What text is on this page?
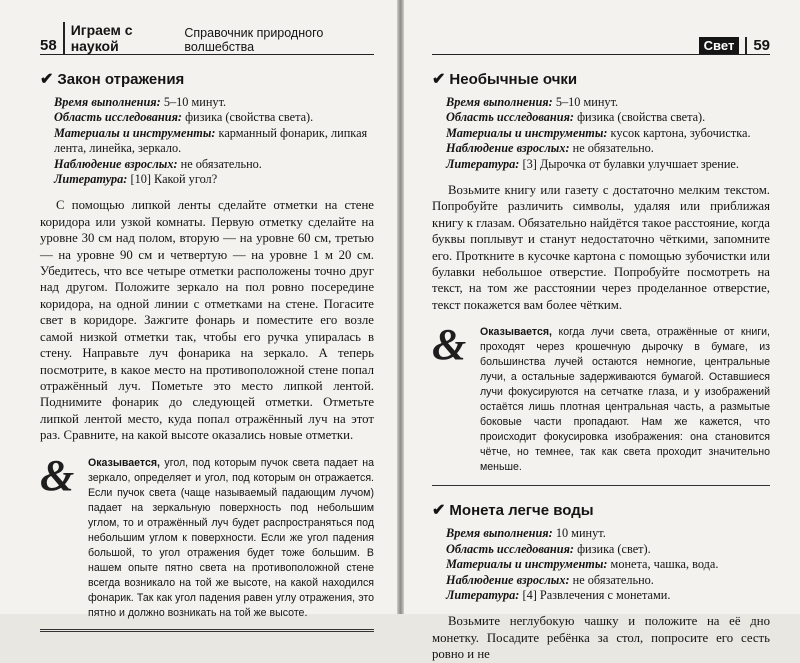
58
Играем с наукой
Справочник природного волшебства
✔ Закон отражения
Время выполнения: 5–10 минут.
Область исследования: физика (свойства света).
Материалы и инструменты: карманный фонарик, липкая лента, линейка, зеркало.
Наблюдение взрослых: не обязательно.
Литература: [10] Какой угол?

С помощью липкой ленты сделайте отметки на стене коридора или узкой комнаты. Первую отметку сделайте на уровне 30 см над полом, вторую — на уровне 60 см, третью — на уровне 90 см и четвертую — на уровне 1 м 20 см. Убедитесь, что все четыре отметки расположены точно друг над другом. Положите зеркало на пол ровно посередине коридора, на одной линии с отметками на стене. Погасите свет в коридоре. Зажгите фонарь и поместите его возле самой низкой отметки так, чтобы его ручка упиралась в стену. Направьте луч фонарика на зеркало. А теперь посмотрите, в какое место на противоположной стене попал отражённый луч. Пометьте это место липкой лентой. Поднимите фонарик до следующей отметки. Отметьте липкой лентой место, куда попал отражённый луч на этот раз. Сравните, на какой высоте оказались новые отметки.

&	Оказывается, угол, под которым пучок света падает на зеркало, определяет и угол, под которым он отражается. Если пучок света (чаще называемый падающим лучом) падает на зеркальную поверхность под небольшим углом, то и отражённый луч будет распространяться под небольшим углом к поверхности. Если же угол падения большой, то угол отражения будет тоже большим. В нашем опыте пятно света на противоположной стене всегда возникало на той же высоте, на какой находился фонарик. Так как угол падения равен углу отражения, это пятно и должно возникать на той же высоте.
Свет	59
✔ Необычные очки
Время выполнения: 5–10 минут.
Область исследования: физика (свойства света).
Материалы и инструменты: кусок картона, зубочистка.
Наблюдение взрослых: не обязательно.
Литература: [3] Дырочка от булавки улучшает зрение.

Возьмите книгу или газету с достаточно мелким текстом. Попробуйте различить символы, удаляя или приближая книгу к глазам. Обязательно найдётся такое расстояние, когда буквы поплывут и станут недостаточно чёткими, запомните его. Проткните в кусочке картона с помощью зубочистки или булавки небольшое отверстие. Попробуйте посмотреть на текст, на том же расстоянии через проделанное отверстие, текст покажется вам более чётким.

&	Оказывается, когда лучи света, отражённые от книги, проходят через крошечную дырочку в бумаге, из большинства лучей остаются немногие, центральные лучи, а остальные задерживаются бумагой. Оставшиеся лучи фокусируются на сетчатке глаза, и у изображений остаётся лишь плотная центральная часть, а размытые боковые части пропадают. Нам же кажется, что происходит фокусировка изображения: она становится чётче, но темнее, так как света проходит значительно меньше.
✔ Монета легче воды
Время выполнения: 10 минут.
Область исследования: физика (свет).
Материалы и инструменты: монета, чашка, вода.
Наблюдение взрослых: не обязательно.
Литература: [4] Развлечения с монетами.

Возьмите неглубокую чашку и положите на её дно монетку. Посадите ребёнка за стол, попросите его сесть ровно и не
